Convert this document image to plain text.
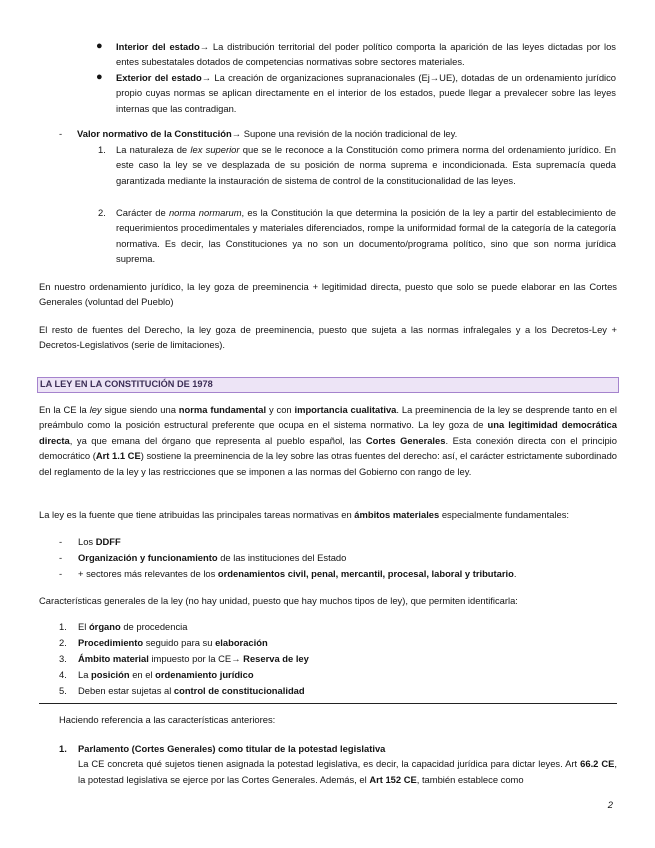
● Interior del estado→ La distribución territorial del poder político comporta la aparición de las leyes dictadas por los entes subestatales dotados de competencias normativas sobre sectores materiales.
● Exterior del estado→ La creación de organizaciones supranacionales (Ej→UE), dotadas de un ordenamiento jurídico propio cuyas normas se aplican directamente en el interior de los estados, puede llegar a prevalecer sobre las leyes internas que las contradigan.
- Valor normativo de la Constitución→ Supone una revisión de la noción tradicional de ley.
1. La naturaleza de lex superior que se le reconoce a la Constitución como primera norma del ordenamiento jurídico. En este caso la ley se ve desplazada de su posición de norma suprema e incondicionada. Esta supremacía queda garantizada mediante la instauración de sistema de control de la constitucionalidad de las leyes.
2. Carácter de norma normarum, es la Constitución la que determina la posición de la ley a partir del establecimiento de requerimientos procedimentales y materiales diferenciados, rompe la uniformidad formal de la categoría de la categoría normativa. Es decir, las Constituciones ya no son un documento/programa político, sino que son norma jurídica suprema.

En nuestro ordenamiento jurídico, la ley goza de preeminencia + legitimidad directa, puesto que solo se puede elaborar en las Cortes Generales (voluntad del Pueblo)

El resto de fuentes del Derecho, la ley goza de preeminencia, puesto que sujeta a las normas infralegales y a los Decretos-Ley + Decretos-Legislativos (serie de limitaciones).

LA LEY EN LA CONSTITUCIÓN DE 1978

En la CE la ley sigue siendo una norma fundamental y con importancia cualitativa. La preeminencia de la ley se desprende tanto en el preámbulo como la posición estructural preferente que ocupa en el sistema normativo. La ley goza de una legitimidad democrática directa, ya que emana del órgano que representa al pueblo español, las Cortes Generales. Esta conexión directa con el principio democrático (Art 1.1 CE) sostiene la preeminencia de la ley sobre las otras fuentes del derecho: así, el carácter estrictamente subordinado del reglamento de la ley y las restricciones que se imponen a las normas del Gobierno con rango de ley.

La ley es la fuente que tiene atribuidas las principales tareas normativas en ámbitos materiales especialmente fundamentales:

- Los DDFF
- Organización y funcionamiento de las instituciones del Estado
- + sectores más relevantes de los ordenamientos civil, penal, mercantil, procesal, laboral y tributario.

Características generales de la ley (no hay unidad, puesto que hay muchos tipos de ley), que permiten identificarla:

1. El órgano de procedencia
2. Procedimiento seguido para su elaboración
3. Ámbito material impuesto por la CE→ Reserva de ley
4. La posición en el ordenamiento jurídico
5. Deben estar sujetas al control de constitucionalidad

Haciendo referencia a las características anteriores:

1. Parlamento (Cortes Generales) como titular de la potestad legislativa
La CE concreta qué sujetos tienen asignada la potestad legislativa, es decir, la capacidad jurídica para dictar leyes. Art 66.2 CE, la potestad legislativa se ejerce por las Cortes Generales. Además, el Art 152 CE, también establece como
2
